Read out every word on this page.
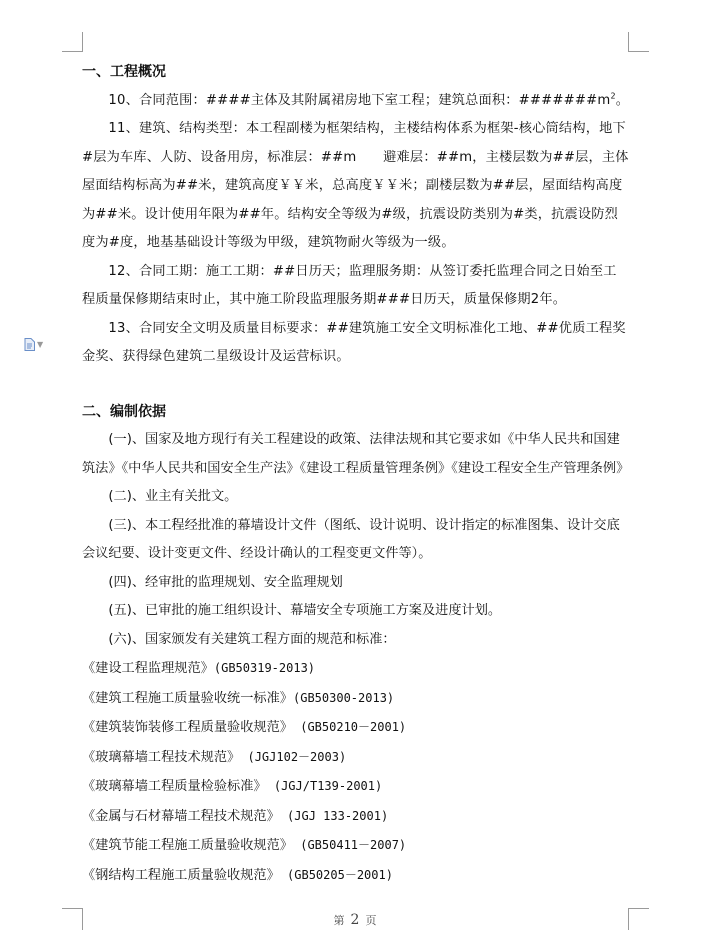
▼

一、工程概况

10、合同范围：####主体及其附属裙房地下室工程；建筑总面积：$\#\#\#\#\#\#\#m^2$。

11、建筑、结构类型：本工程副楼为框架结构，主楼结构体系为框架-核心筒结构，地下#层为车库、人防、设备用房，标准层：##m　　避难层：##m，主楼层数为##层，主体屋面结构标高为##米，建筑高度￥￥米，总高度￥￥米；副楼层数为##层，屋面结构高度为##米。设计使用年限为##年。结构安全等级为#级，抗震设防类别为#类，抗震设防烈度为#度，地基基础设计等级为甲级，建筑物耐火等级为一级。

12、合同工期：施工工期：##日历天；监理服务期：从签订委托监理合同之日始至工程质量保修期结束时止，其中施工阶段监理服务期###日历天，质量保修期2年。

13、合同安全文明及质量目标要求：##建筑施工安全文明标准化工地、##优质工程奖金奖、获得绿色建筑二星级设计及运营标识。

二、编制依据

(一)、国家及地方现行有关工程建设的政策、法律法规和其它要求如《中华人民共和国建筑法》《中华人民共和国安全生产法》《建设工程质量管理条例》《建设工程安全生产管理条例》

(二)、业主有关批文。

(三)、本工程经批准的幕墙设计文件（图纸、设计说明、设计指定的标准图集、设计交底会议纪要、设计变更文件、经设计确认的工程变更文件等）。

(四)、经审批的监理规划、安全监理规划

(五)、已审批的施工组织设计、幕墙安全专项施工方案及进度计划。

(六)、国家颁发有关建筑工程方面的规范和标准：

《建设工程监理规范》(GB50319-2013)

《建筑工程施工质量验收统一标准》(GB50300-2013)

《建筑装饰装修工程质量验收规范》 (GB50210－2001)

《玻璃幕墙工程技术规范》 (JGJ102－2003)

《玻璃幕墙工程质量检验标准》 (JGJ/T139-2001)

《金属与石材幕墙工程技术规范》 (JGJ 133-2001)

《建筑节能工程施工质量验收规范》 (GB50411－2007)

《钢结构工程施工质量验收规范》 (GB50205－2001)

第 2 页
